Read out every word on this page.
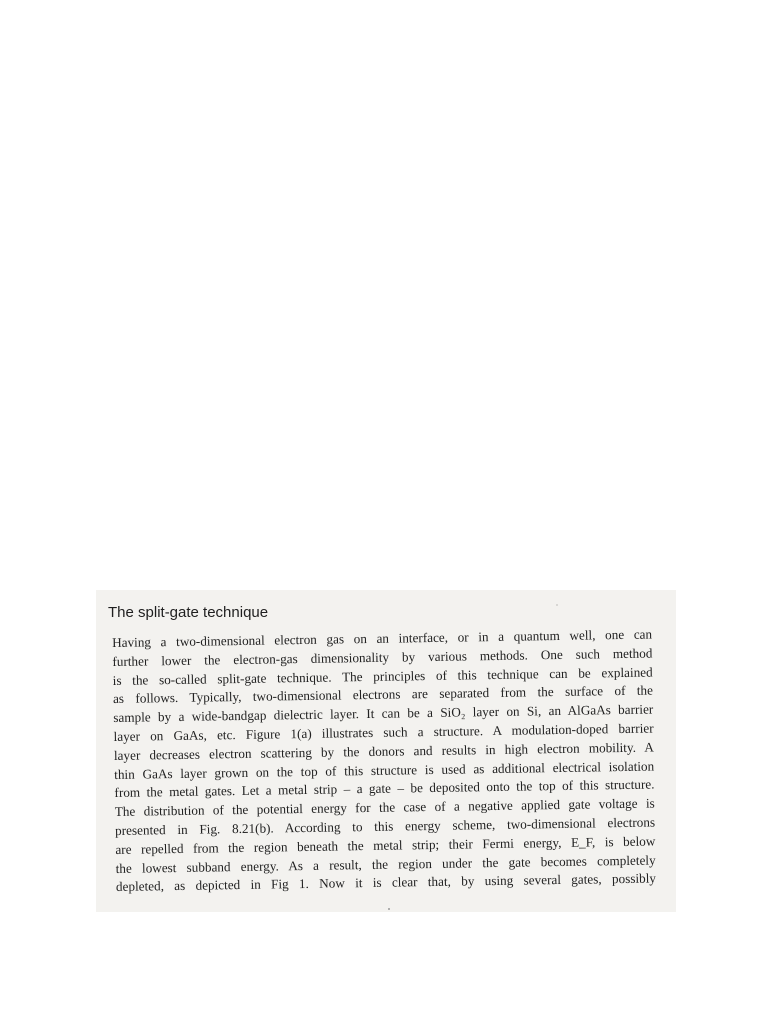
The split-gate technique
Having a two-dimensional electron gas on an interface, or in a quantum well, one can
further lower the electron-gas dimensionality by various methods. One such method
is the so-called split-gate technique. The principles of this technique can be explained
as follows. Typically, two-dimensional electrons are separated from the surface of the
sample by a wide-bandgap dielectric layer. It can be a SiO₂ layer on Si, an AlGaAs barrier
layer on GaAs, etc. Figure 1(a) illustrates such a structure. A modulation-doped barrier
layer decreases electron scattering by the donors and results in high electron mobility. A
thin GaAs layer grown on the top of this structure is used as additional electrical isolation
from the metal gates. Let a metal strip – a gate – be deposited onto the top of this structure.
The distribution of the potential energy for the case of a negative applied gate voltage is
presented in Fig. 8.21(b). According to this energy scheme, two-dimensional electrons
are repelled from the region beneath the metal strip; their Fermi energy, E_F, is below
the lowest subband energy. As a result, the region under the gate becomes completely
depleted, as depicted in Fig 1. Now it is clear that, by using several gates, possibly
